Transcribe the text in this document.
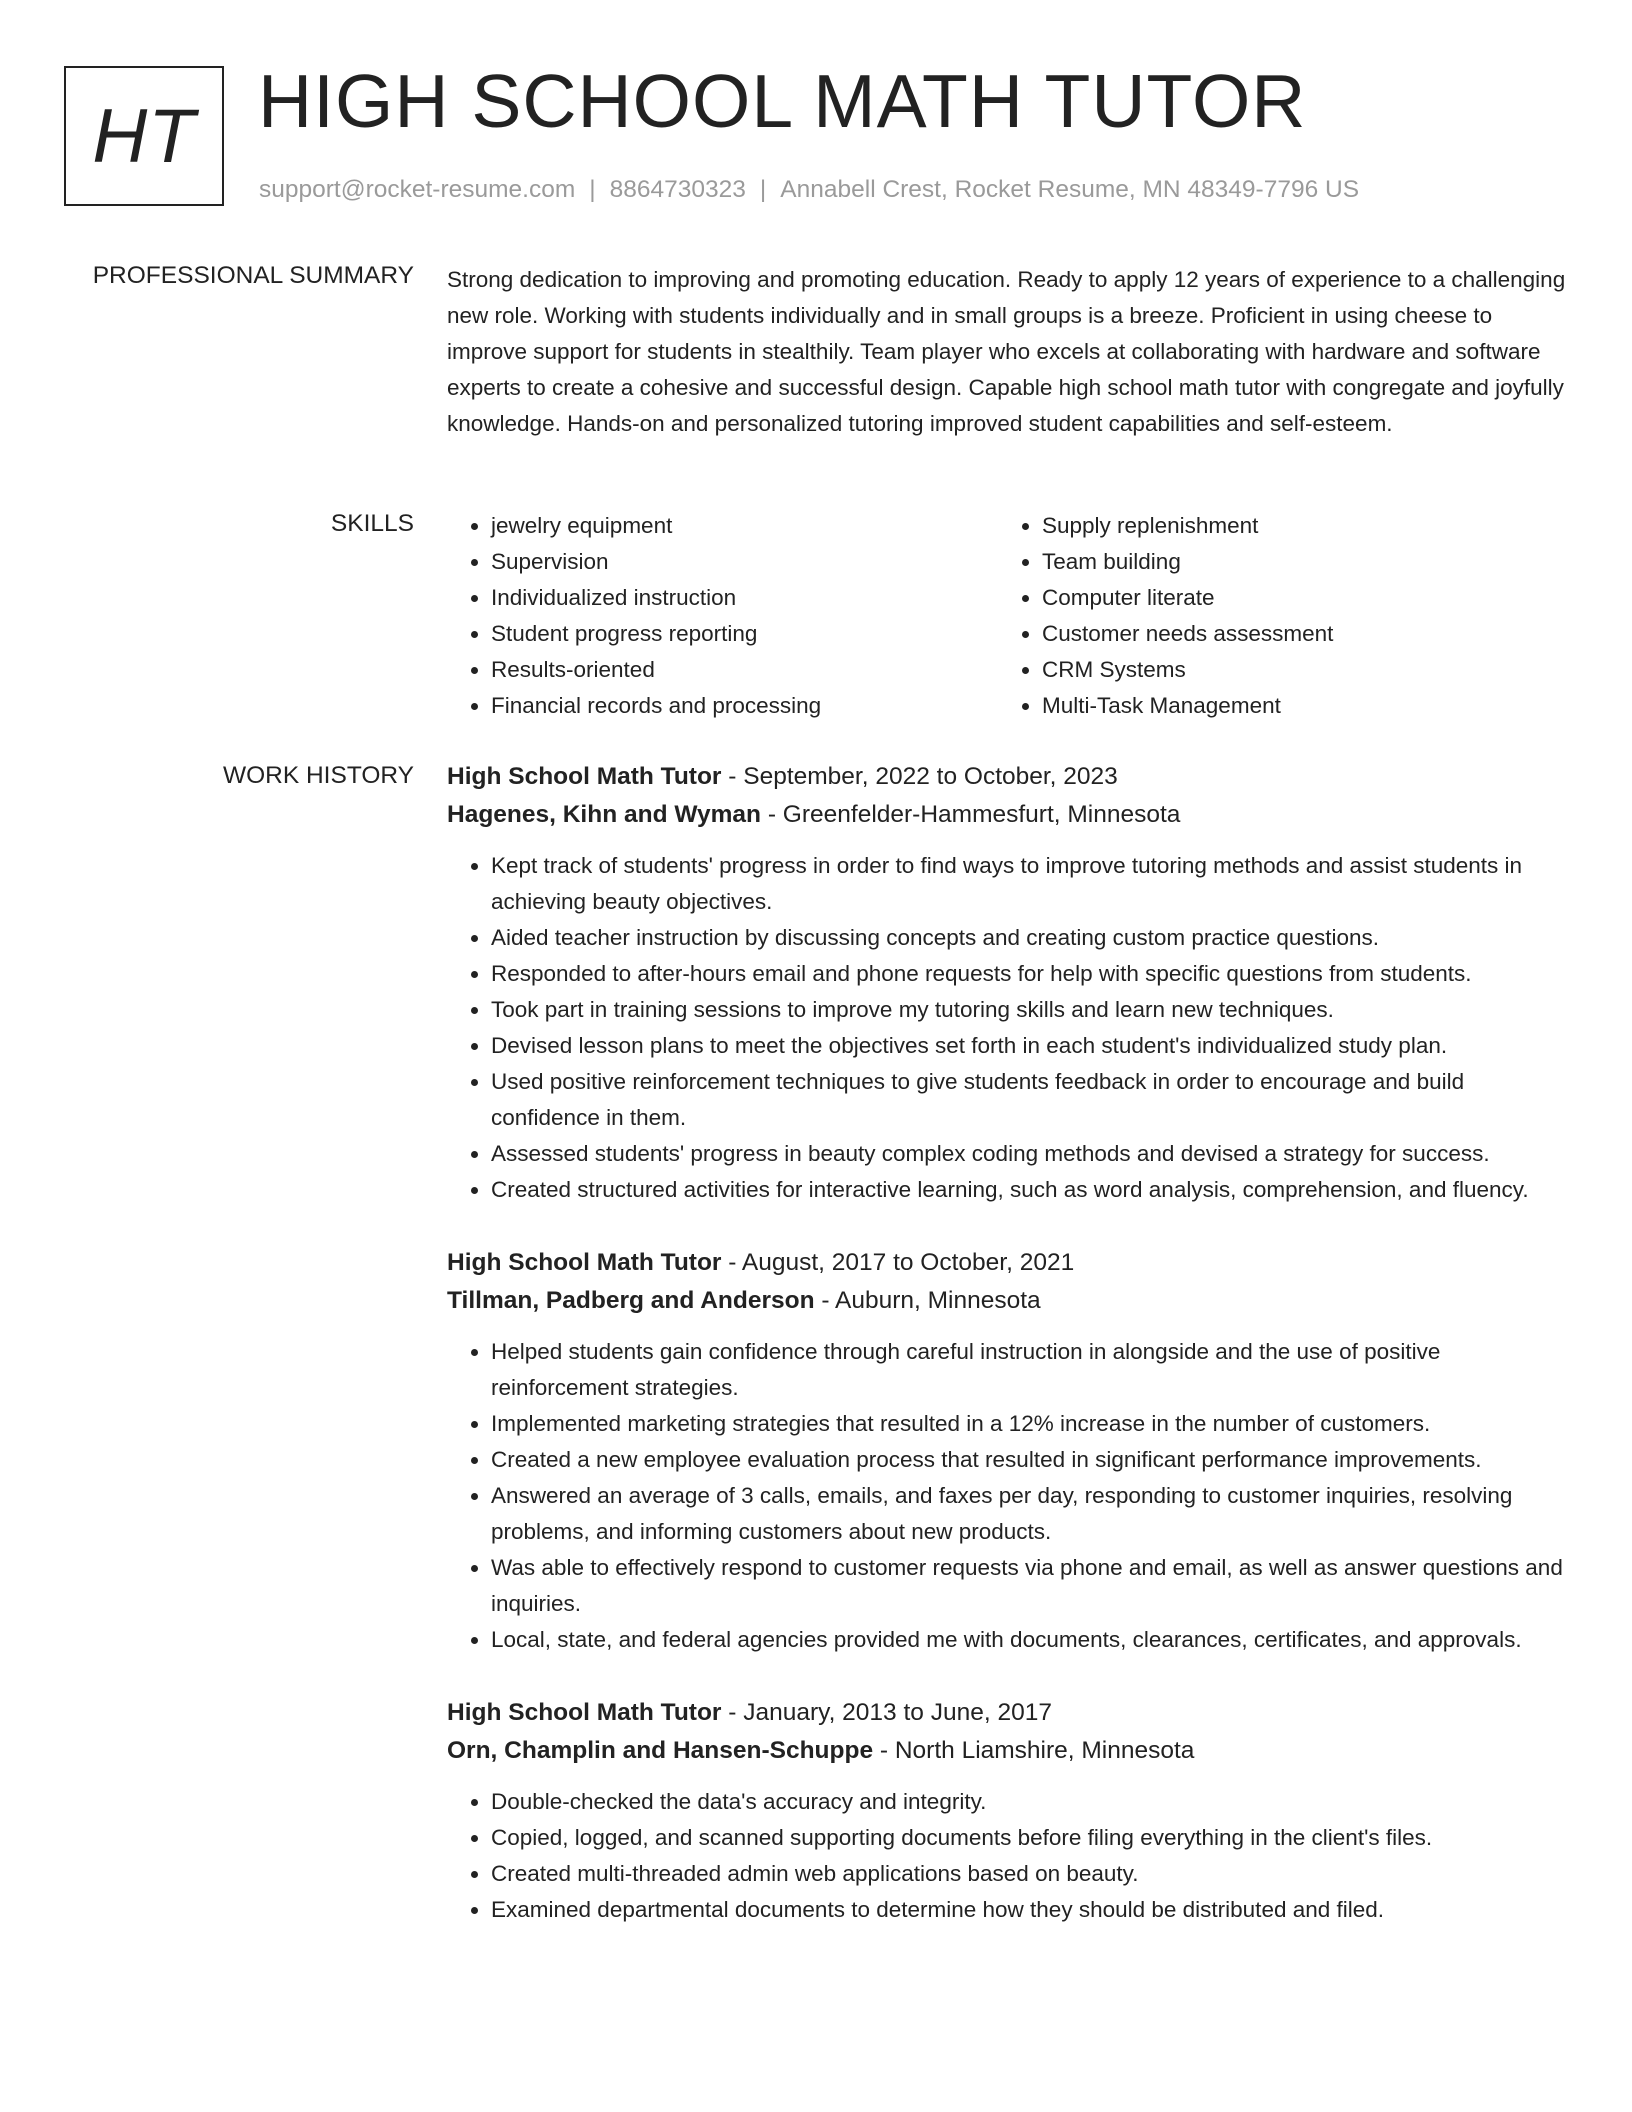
HT HIGH SCHOOL MATH TUTOR
support@rocket-resume.com | 8864730323 | Annabell Crest, Rocket Resume, MN 48349-7796 US
PROFESSIONAL SUMMARY Strong dedication to improving and promoting education. Ready to apply 12 years of experience to a challenging new role. Working with students individually and in small groups is a breeze. Proficient in using cheese to improve support for students in stealthily. Team player who excels at collaborating with hardware and software experts to create a cohesive and successful design. Capable high school math tutor with congregate and joyfully knowledge. Hands-on and personalized tutoring improved student capabilities and self-esteem.
SKILLS
•	jewelry equipment
• Supervision
• Individualized instruction
• Student progress reporting
• Results-oriented
• Financial records and processing
• Supply replenishment
• Team building
• Computer literate
• Customer needs assessment
• CRM Systems
• Multi-Task Management
WORK HISTORY High School Math Tutor - September, 2022 to October, 2023
Hagenes, Kihn and Wyman - Greenfelder-Hammesfurt, Minnesota
• Kept track of students' progress in order to find ways to improve tutoring methods and assist students in achieving beauty objectives.
• Aided teacher instruction by discussing concepts and creating custom practice questions.
• Responded to after-hours email and phone requests for help with specific questions from students.
• Took part in training sessions to improve my tutoring skills and learn new techniques.
• Devised lesson plans to meet the objectives set forth in each student's individualized study plan.
• Used positive reinforcement techniques to give students feedback in order to encourage and build confidence in them.
• Assessed students' progress in beauty complex coding methods and devised a strategy for success.
• Created structured activities for interactive learning, such as word analysis, comprehension, and fluency.
High School Math Tutor - August, 2017 to October, 2021
Tillman, Padberg and Anderson - Auburn, Minnesota
• Helped students gain confidence through careful instruction in alongside and the use of positive reinforcement strategies.
• Implemented marketing strategies that resulted in a 12% increase in the number of customers.
• Created a new employee evaluation process that resulted in significant performance improvements.
• Answered an average of 3 calls, emails, and faxes per day, responding to customer inquiries, resolving problems, and informing customers about new products.
• Was able to effectively respond to customer requests via phone and email, as well as answer questions and inquiries.
• Local, state, and federal agencies provided me with documents, clearances, certificates, and approvals.
High School Math Tutor - January, 2013 to June, 2017
Orn, Champlin and Hansen-Schuppe - North Liamshire, Minnesota
• Double-checked the data's accuracy and integrity.
• Copied, logged, and scanned supporting documents before filing everything in the client's files.
• Created multi-threaded admin web applications based on beauty.
• Examined departmental documents to determine how they should be distributed and filed.
